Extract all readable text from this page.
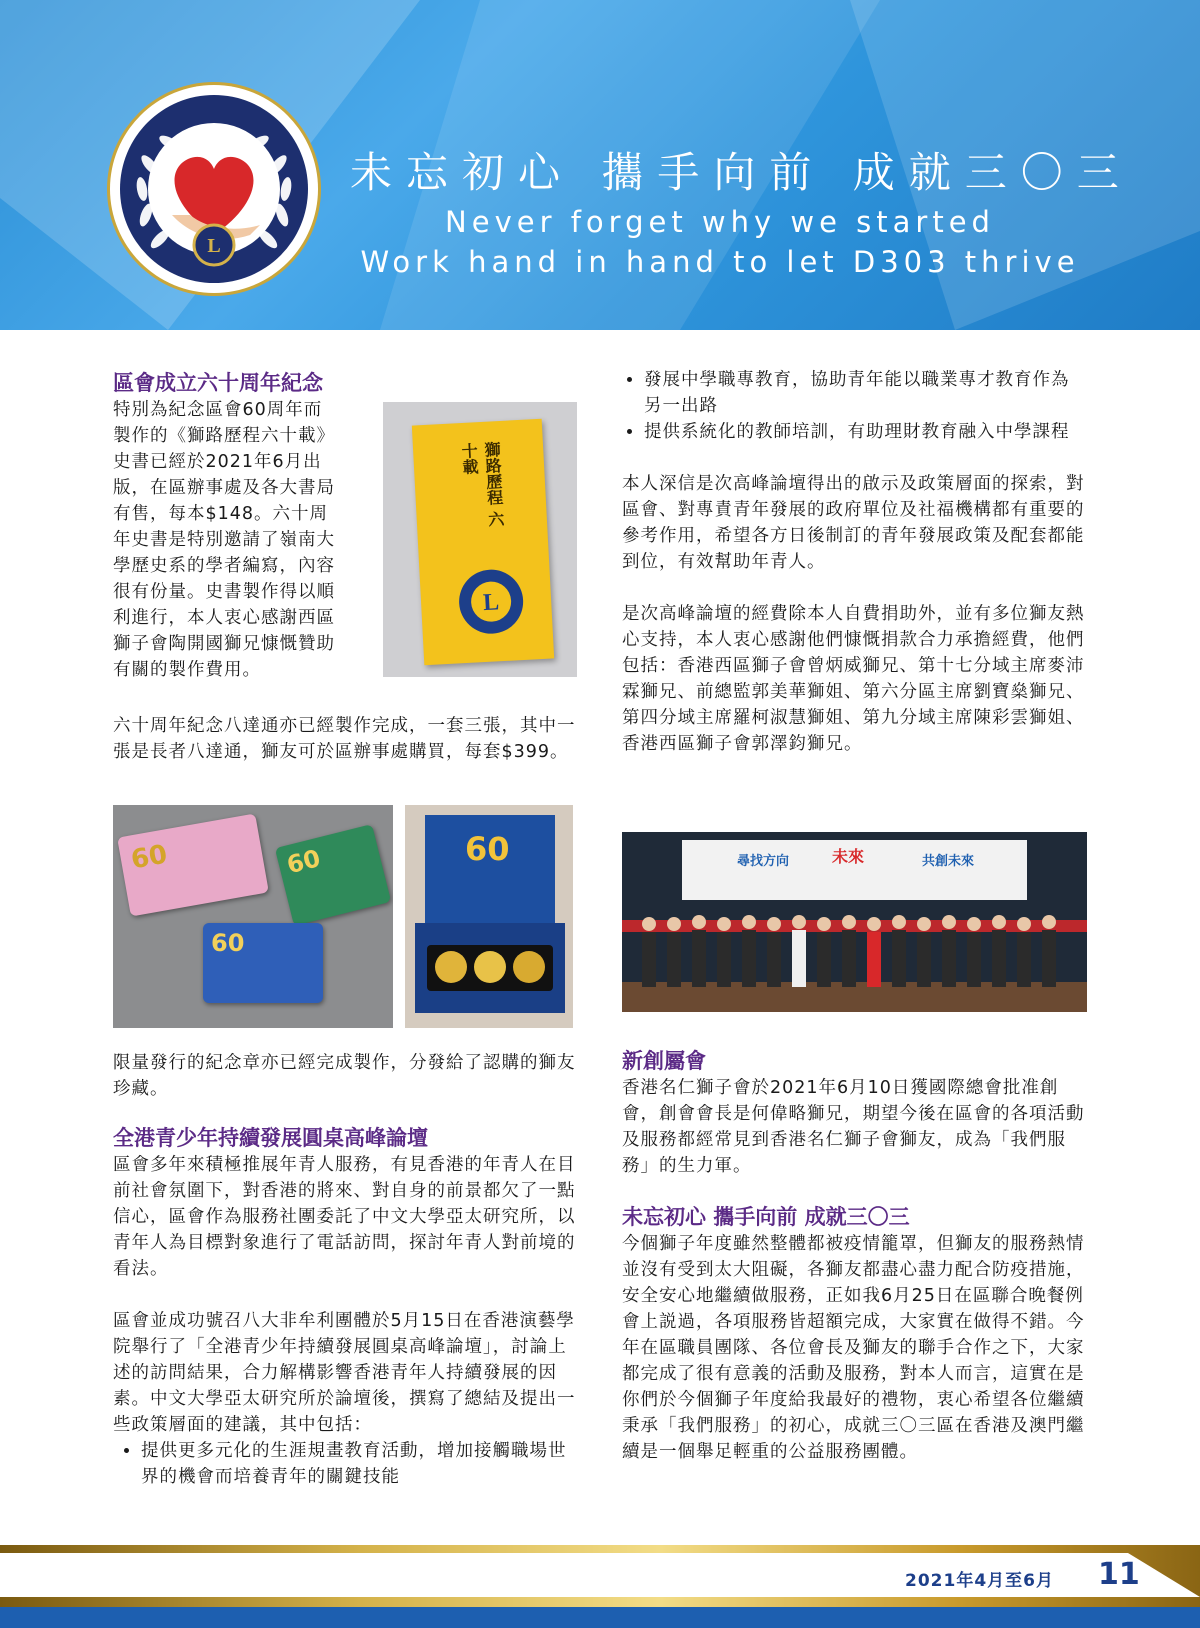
L
未忘初心 攜手向前 成就三〇三
Never forget why we started
Work hand in hand to let D303 thrive
區會成立六十周年紀念

特別為紀念區會60周年而

製作的《獅路歷程六十載》

史書已經於2021年6月出

版，在區辦事處及各大書局

有售，每本$148。六十周

年史書是特別邀請了嶺南大

學歷史系的學者編寫，內容

很有份量。史書製作得以順

利進行，本人衷心感謝西區

獅子會陶開國獅兄慷慨贊助

有關的製作費用。

六十周年紀念八達通亦已經製作完成，一套三張，其中一張是長者八達通，獅友可於區辦事處購買，每套$399。

獅路歷程 六十載
L
60	60
60
60

限量發行的紀念章亦已經完成製作，分發給了認購的獅友珍藏。

全港青少年持續發展圓桌高峰論壇

區會多年來積極推展年青人服務，有見香港的年青人在目前社會氛圍下，對香港的將來、對自身的前景都欠了一點信心，區會作為服務社團委託了中文大學亞太研究所，以青年人為目標對象進行了電話訪問，探討年青人對前境的看法。

區會並成功號召八大非牟利團體於5月15日在香港演藝學院舉行了「全港青少年持續發展圓桌高峰論壇」，討論上述的訪問結果，合力解構影響香港青年人持續發展的因素。中文大學亞太研究所於論壇後，撰寫了總結及提出一些政策層面的建議，其中包括：

• 提供更多元化的生涯規畫教育活動，增加接觸職場世界的機會而培養青年的關鍵技能
• 發展中學職專教育，協助青年能以職業專才教育作為另一出路
• 提供系統化的教師培訓，有助理財教育融入中學課程

本人深信是次高峰論壇得出的啟示及政策層面的探索，對區會、對專責青年發展的政府單位及社福機構都有重要的參考作用，希望各方日後制訂的青年發展政策及配套都能到位，有效幫助年青人。

是次高峰論壇的經費除本人自費捐助外，並有多位獅友熱心支持，本人衷心感謝他們慷慨捐款合力承擔經費，他們包括：香港西區獅子會曾炳威獅兄、第十七分域主席麥沛霖獅兄、前總監郭美華獅姐、第六分區主席劉寶燊獅兄、第四分域主席羅柯淑慧獅姐、第九分域主席陳彩雲獅姐、香港西區獅子會郭澤鈞獅兄。

尋找方向	未來	共創未來
新創屬會

香港名仁獅子會於2021年6月10日獲國際總會批准創會，創會會長是何偉略獅兄，期望今後在區會的各項活動及服務都經常見到香港名仁獅子會獅友，成為「我們服務」的生力軍。

未忘初心 攜手向前 成就三〇三

今個獅子年度雖然整體都被疫情籠罩，但獅友的服務熱情並沒有受到太大阻礙，各獅友都盡心盡力配合防疫措施，安全安心地繼續做服務，正如我6月25日在區聯合晚餐例會上説過，各項服務皆超額完成，大家實在做得不錯。今年在區職員團隊、各位會長及獅友的聯手合作之下，大家都完成了很有意義的活動及服務，對本人而言，這實在是你們於今個獅子年度給我最好的禮物，衷心希望各位繼續秉承「我們服務」的初心，成就三〇三區在香港及澳門繼續是一個舉足輕重的公益服務團體。

2021年4月至6月 11
